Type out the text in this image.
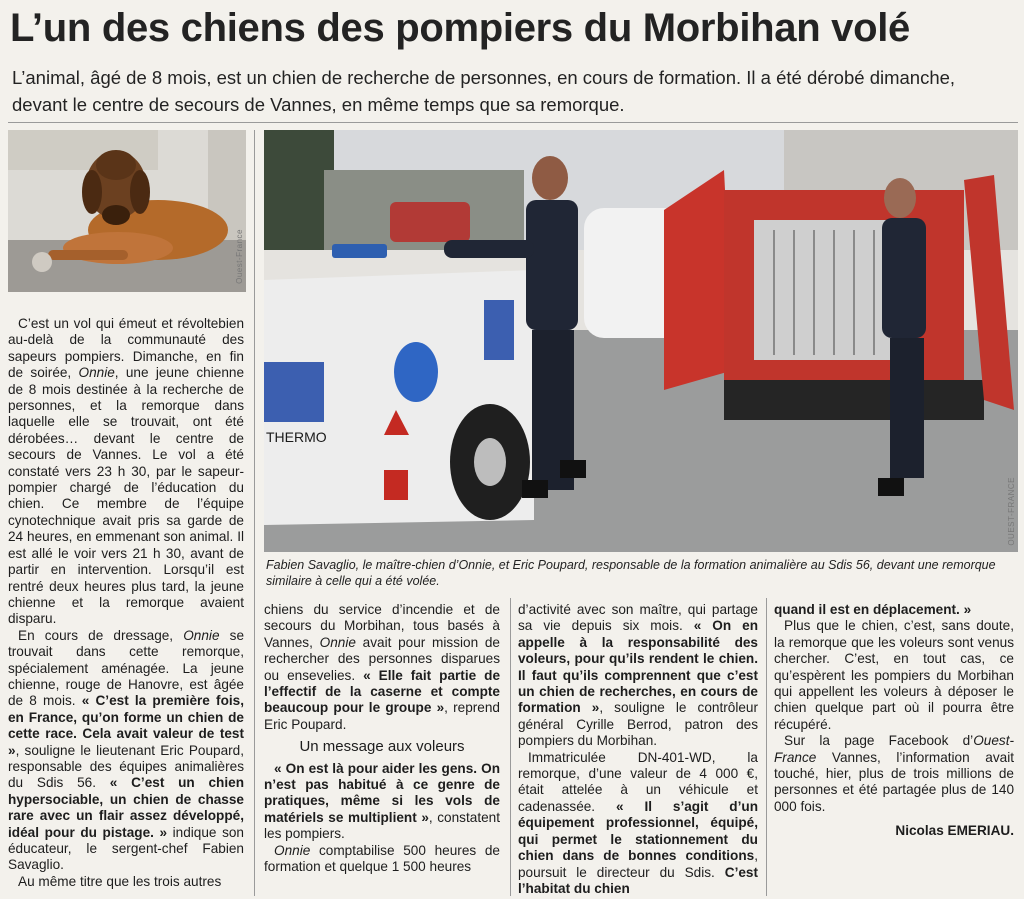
L’un des chiens des pompiers du Morbihan volé

L’animal, âgé de 8 mois, est un chien de recherche de personnes, en cours de formation. Il a été dérobé dimanche, devant le centre de secours de Vannes, en même temps que sa remorque.

Ouest-France
THERMO
OUEST-FRANCE

Fabien Savaglio, le maître-chien d’Onnie, et Eric Poupard, responsable de la formation animalière au Sdis 56, devant une remorque similaire à celle qui a été volée.

C’est un vol qui émeut et révoltebien au-delà de la communauté des sapeurs pompiers. Dimanche, en fin de soirée, Onnie, une jeune chienne de 8 mois destinée à la recherche de personnes, et la remorque dans laquelle elle se trouvait, ont été dérobées… devant le centre de secours de Vannes. Le vol a été constaté vers 23 h 30, par le sapeur-pompier chargé de l’éducation du chien. Ce membre de l’équipe cynotechnique avait pris sa garde de 24 heures, en emmenant son animal. Il est allé le voir vers 21 h 30, avant de partir en intervention. Lorsqu’il est rentré deux heures plus tard, la jeune chienne et la remorque avaient disparu.

En cours de dressage, Onnie se trouvait dans cette remorque, spécialement aménagée. La jeune chienne, rouge de Hanovre, est âgée de 8 mois. « C’est la première fois, en France, qu’on forme un chien de cette race. Cela avait valeur de test », souligne le lieutenant Eric Poupard, responsable des équipes animalières du Sdis 56. « C’est un chien hypersociable, un chien de chasse rare avec un flair assez développé, idéal pour du pistage. » indique son éducateur, le sergent-chef Fabien Savaglio.

Au même titre que les trois autres

chiens du service d’incendie et de secours du Morbihan, tous basés à Vannes, Onnie avait pour mission de rechercher des personnes disparues ou ensevelies. « Elle fait partie de l’effectif de la caserne et compte beaucoup pour le groupe », reprend Eric Poupard.

Un message aux voleurs

« On est là pour aider les gens. On n’est pas habitué à ce genre de pratiques, même si les vols de matériels se multiplient », constatent les pompiers.

Onnie comptabilise 500 heures de formation et quelque 1 500 heures

d’activité avec son maître, qui partage sa vie depuis six mois. « On en appelle à la responsabilité des voleurs, pour qu’ils rendent le chien. Il faut qu’ils comprennent que c’est un chien de recherches, en cours de formation », souligne le contrôleur général Cyrille Berrod, patron des pompiers du Morbihan.

Immatriculée DN-401-WD, la remorque, d’une valeur de 4 000 €, était attelée à un véhicule et cadenassée. « Il s’agit d’un équipement professionnel, équipé, qui permet le stationnement du chien dans de bonnes conditions, poursuit le directeur du Sdis. C’est l’habitat du chien

quand il est en déplacement. »

Plus que le chien, c’est, sans doute, la remorque que les voleurs sont venus chercher. C’est, en tout cas, ce qu’espèrent les pompiers du Morbihan qui appellent les voleurs à déposer le chien quelque part où il pourra être récupéré.

Sur la page Facebook d’Ouest-France Vannes, l’information avait touché, hier, plus de trois millions de personnes et été partagée plus de 140 000 fois.

Nicolas EMERIAU.
